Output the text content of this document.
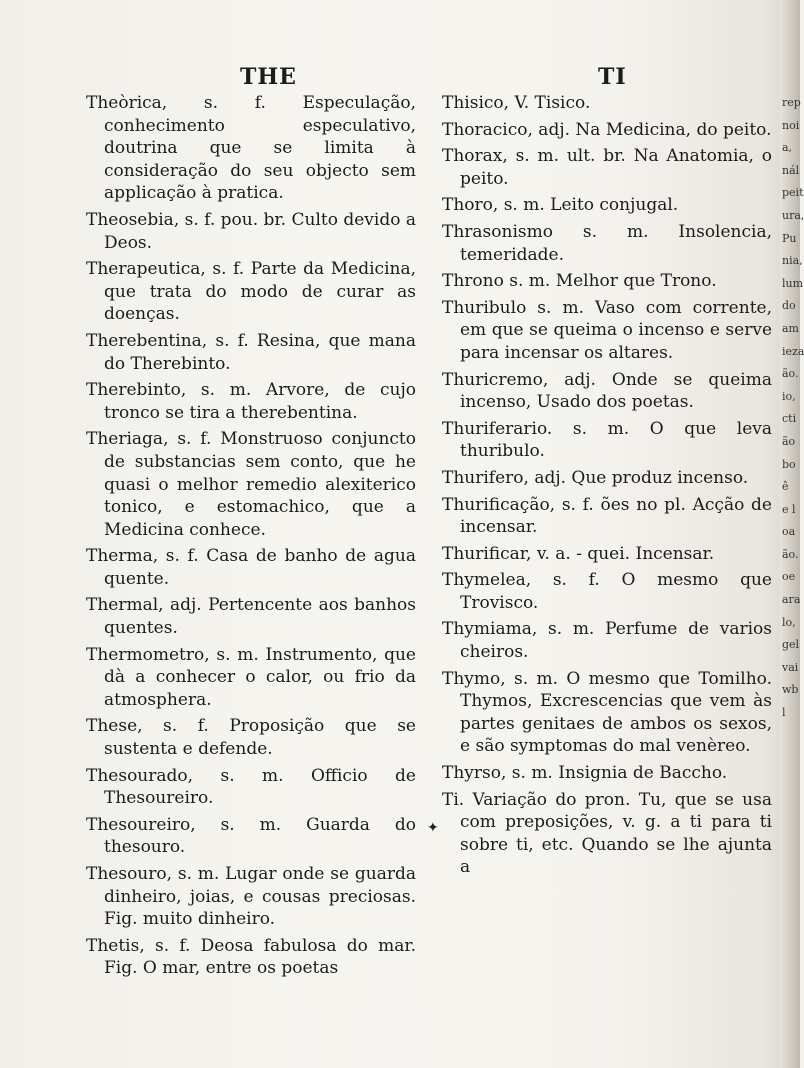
THE	TI

Theòrica, s. f. Especulação, conhecimento especulativo, doutrina que se limita à consideração do seu objecto sem applicação à pratica.

Theosebia, s. f. pou. br. Culto devido a Deos.

Therapeutica, s. f. Parte da Medicina, que trata do modo de curar as doenças.

Therebentina, s. f. Resina, que mana do Therebinto.

Therebinto, s. m. Arvore, de cujo tronco se tira a therebentina.

Theriaga, s. f. Monstruoso conjuncto de substancias sem conto, que he quasi o melhor remedio alexiterico tonico, e estomachico, que a Medicina conhece.

Therma, s. f. Casa de banho de agua quente.

Thermal, adj. Pertencente aos banhos quentes.

Thermometro, s. m. Instrumento, que dà a conhecer o calor, ou frio da atmosphera.

These, s. f. Proposição que se sustenta e defende.

Thesourado, s. m. Officio de Thesoureiro.

Thesoureiro, s. m. Guarda do thesouro.

Thesouro, s. m. Lugar onde se guarda dinheiro, joias, e cousas preciosas. Fig. muito dinheiro.

Thetis, s. f. Deosa fabulosa do mar. Fig. O mar, entre os poetas

Thisico, V. Tisico.

Thoracico, adj. Na Medicina, do peito.

Thorax, s. m. ult. br. Na Anatomia, o peito.

Thoro, s. m. Leito conjugal.

Thrasonismo s. m. Insolencia, temeridade.

Throno s. m. Melhor que Trono.

Thuribulo s. m. Vaso com corrente, em que se queima o incenso e serve para incensar os altares.

Thuricremo, adj. Onde se queima incenso, Usado dos poetas.

Thuriferario. s. m. O que leva thuribulo.

Thurifero, adj. Que produz incenso.

Thurificação, s. f. ões no pl. Acção de incensar.

Thurificar, v. a. - quei. Incensar.

Thymelea, s. f. O mesmo que Trovisco.

Thymiama, s. m. Perfume de varios cheiros.

Thymo, s. m. O mesmo que Tomilho. Thymos, Excrescencias que vem às partes genitaes de ambos os sexos, e são symptomas do mal venèreo.

Thyrso, s. m. Insignia de Baccho.

Ti. Variação do pron. Tu, que se usa com preposições, v. g. a ti para ti sobre ti, etc. Quando se lhe ajunta a

rep
noi
a,
nál
peit
ura,
Pu
nia,
lum
do
am
ieza
ão.
io,
cti
ão
bo
ê
e l
oa
ão.
oe
ara
lo,
gel
vai
wb
l
✦
